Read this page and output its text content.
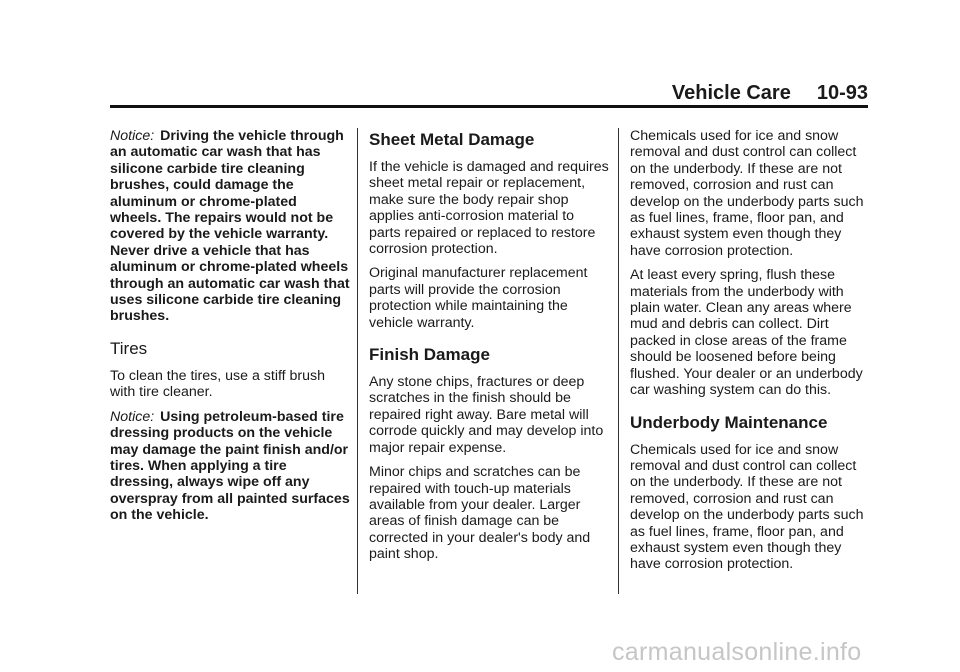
Vehicle Care 10-93

Notice: Driving the vehicle through an automatic car wash that has silicone carbide tire cleaning brushes, could damage the aluminum or chrome-plated wheels. The repairs would not be covered by the vehicle warranty. Never drive a vehicle that has aluminum or chrome-plated wheels through an automatic car wash that uses silicone carbide tire cleaning brushes.

Tires

To clean the tires, use a stiff brush with tire cleaner.

Notice: Using petroleum-based tire dressing products on the vehicle may damage the paint finish and/or tires. When applying a tire dressing, always wipe off any overspray from all painted surfaces on the vehicle.

Sheet Metal Damage

If the vehicle is damaged and requires sheet metal repair or replacement, make sure the body repair shop applies anti-corrosion material to parts repaired or replaced to restore corrosion protection.

Original manufacturer replacement parts will provide the corrosion protection while maintaining the vehicle warranty.

Finish Damage

Any stone chips, fractures or deep scratches in the finish should be repaired right away. Bare metal will corrode quickly and may develop into major repair expense.

Minor chips and scratches can be repaired with touch-up materials available from your dealer. Larger areas of finish damage can be corrected in your dealer's body and paint shop.

Chemicals used for ice and snow removal and dust control can collect on the underbody. If these are not removed, corrosion and rust can develop on the underbody parts such as fuel lines, frame, floor pan, and exhaust system even though they have corrosion protection.

At least every spring, flush these materials from the underbody with plain water. Clean any areas where mud and debris can collect. Dirt packed in close areas of the frame should be loosened before being flushed. Your dealer or an underbody car washing system can do this.

Underbody Maintenance

Chemicals used for ice and snow removal and dust control can collect on the underbody. If these are not removed, corrosion and rust can develop on the underbody parts such as fuel lines, frame, floor pan, and exhaust system even though they have corrosion protection.

carmanualsonline.info
